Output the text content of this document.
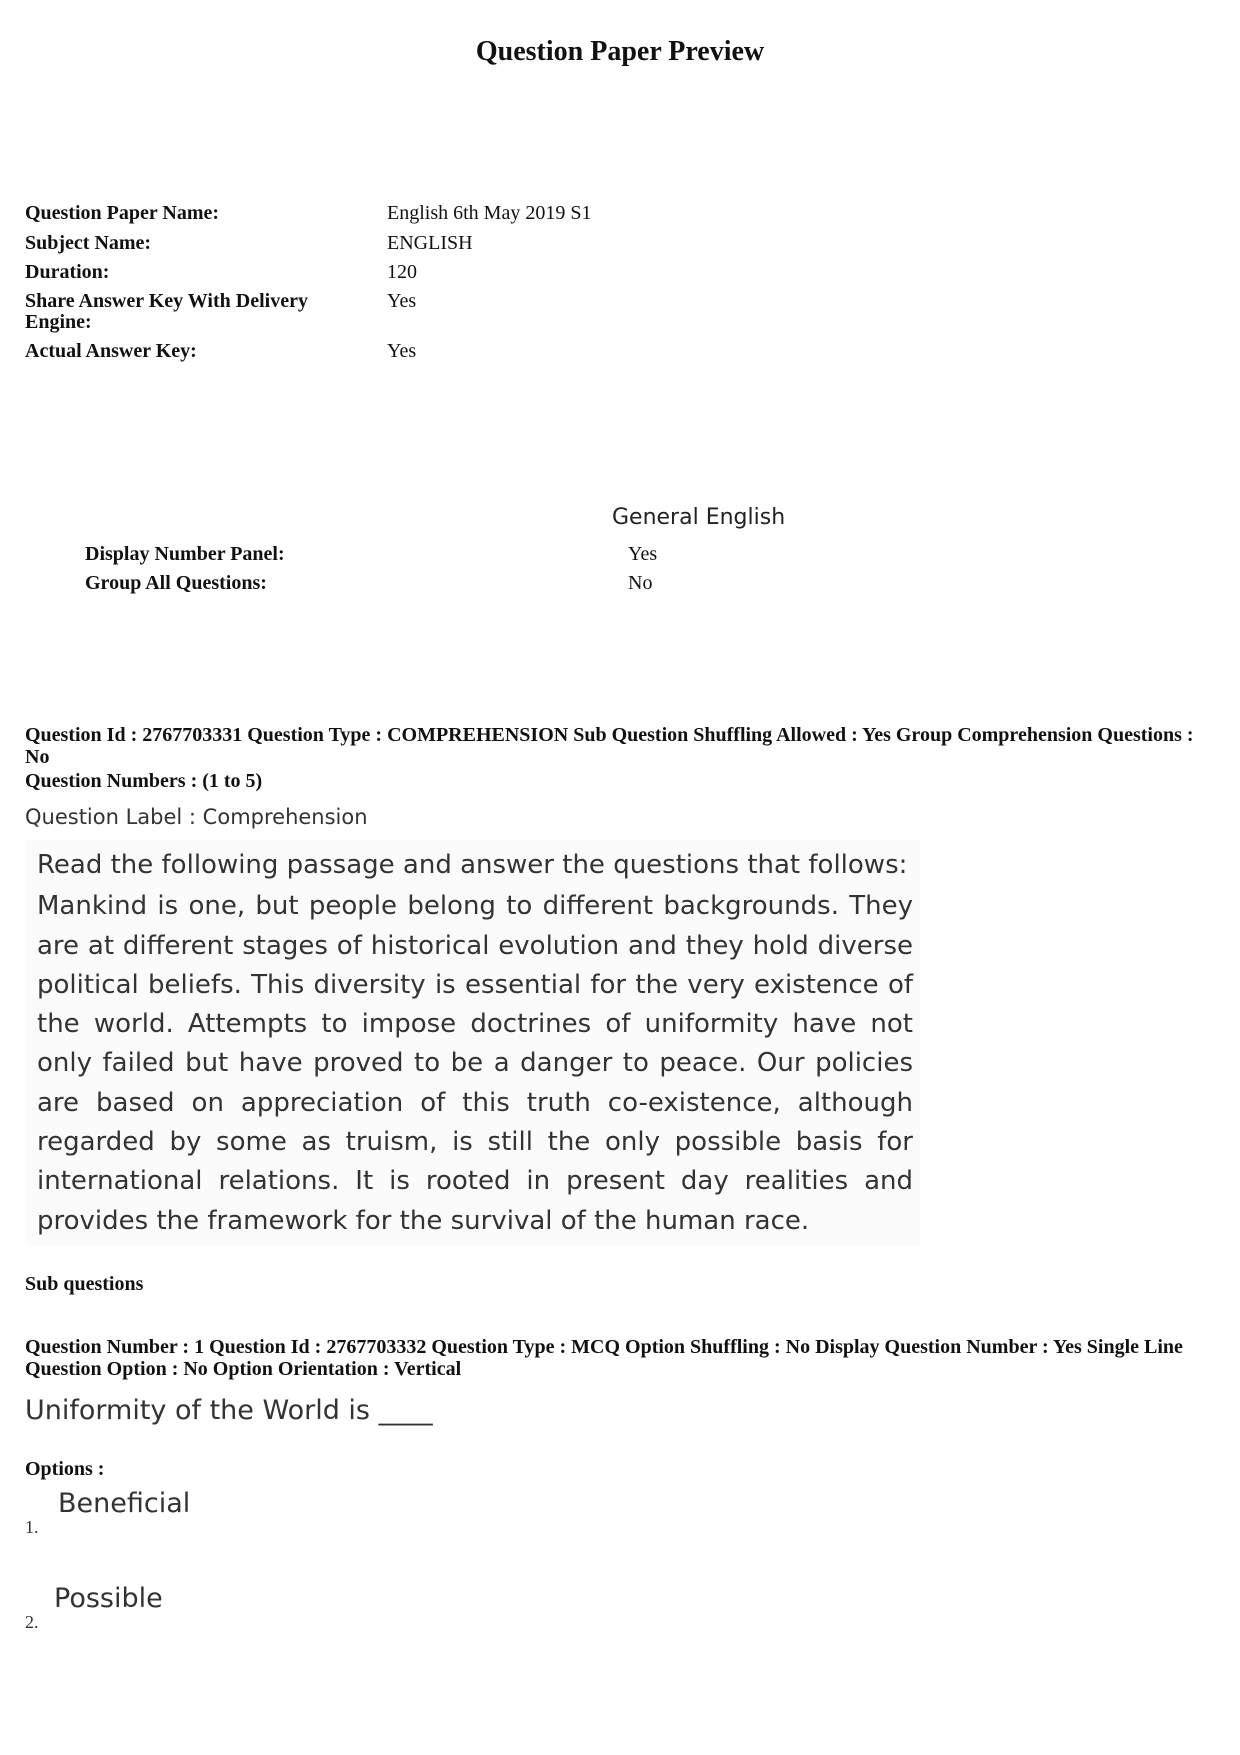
Question Paper Preview
Question Paper Name:	English 6th May 2019 S1
Subject Name:	ENGLISH
Duration:	120
Share Answer Key With Delivery Engine:
Yes
Actual Answer Key:	Yes
General English
Display Number Panel:	Yes
Group All Questions:	No
Question Id : 2767703331 Question Type : COMPREHENSION Sub Question Shuffling Allowed : Yes Group Comprehension Questions : No
Question Numbers : (1 to 5)
Question Label : Comprehension
Read the following passage and answer the questions that follows:
Mankind is one, but people belong to different backgrounds. They are at different stages of historical evolution and they hold diverse political beliefs. This diversity is essential for the very existence of the world. Attempts to impose doctrines of uniformity have not only failed but have proved to be a danger to peace. Our policies are based on appreciation of this truth co-existence, although regarded by some as truism, is still the only possible basis for international relations. It is rooted in present day realities and provides the framework for the survival of the human race.
Sub questions
Question Number : 1 Question Id : 2767703332 Question Type : MCQ Option Shuffling : No Display Question Number : Yes Single Line Question Option : No Option Orientation : Vertical
Uniformity of the World is ____
Options :
Beneficial
1.
Possible
2.
